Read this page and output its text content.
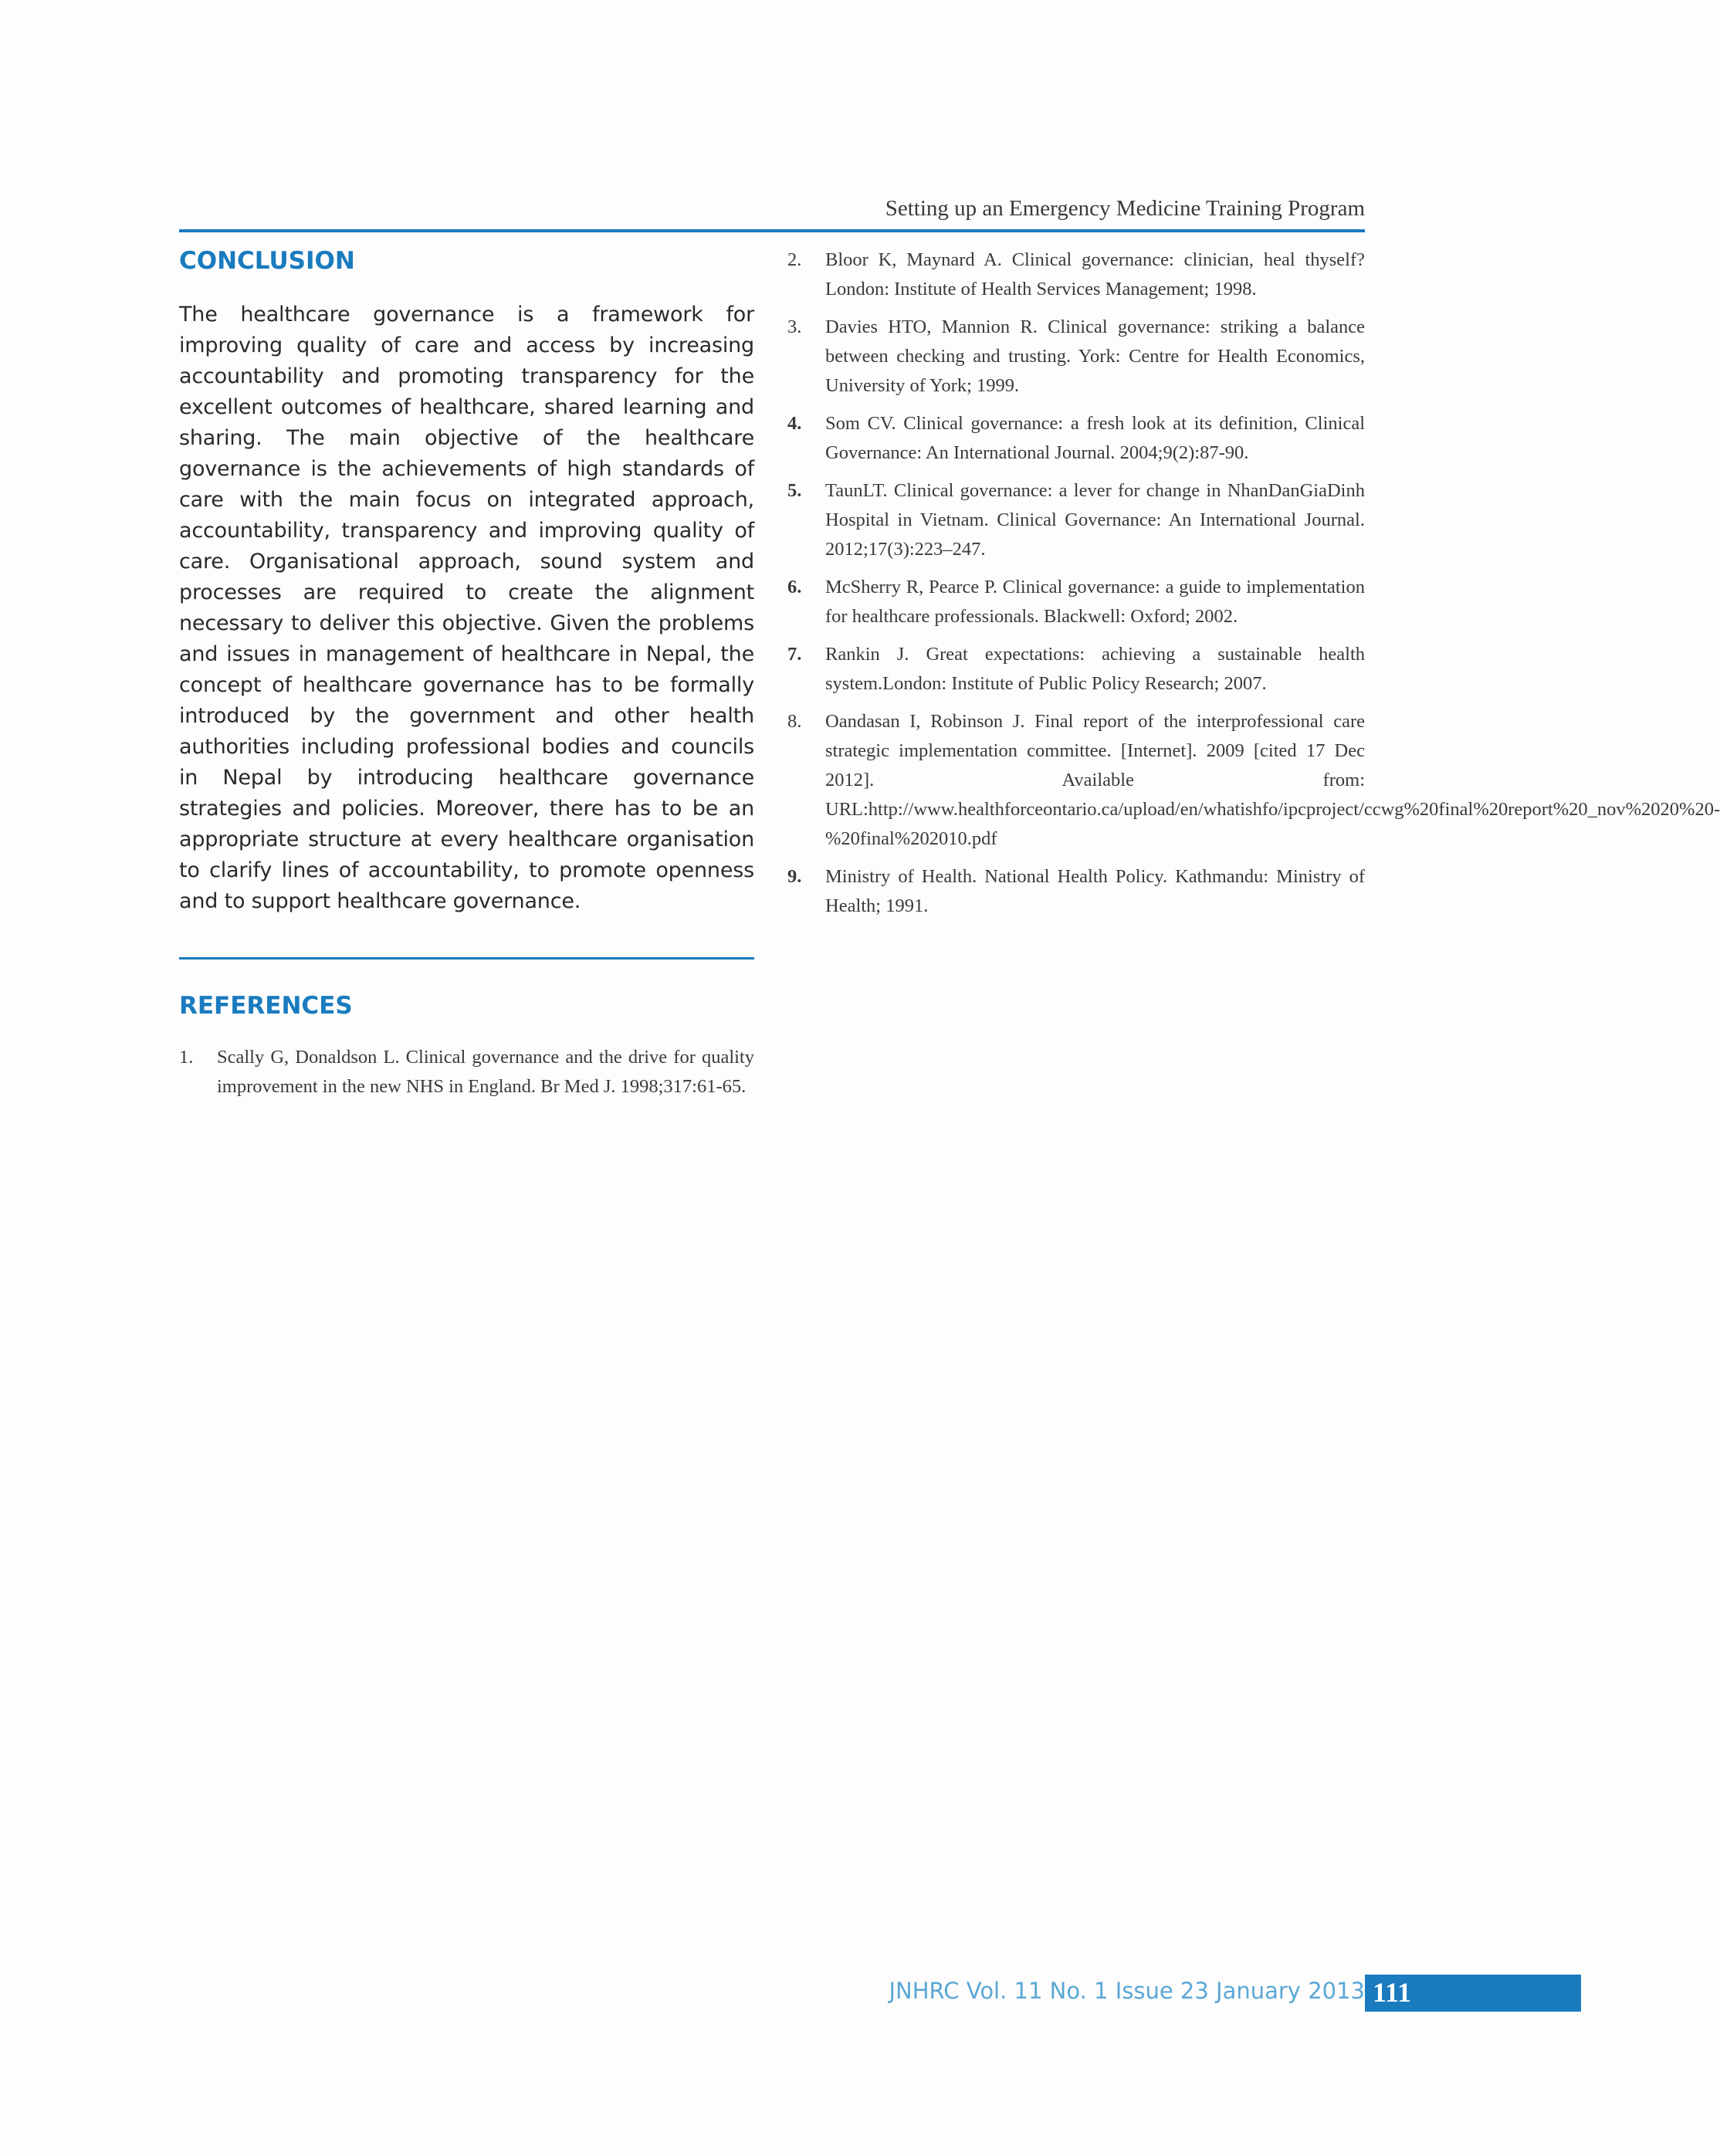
Setting up an Emergency Medicine Training Program
CONCLUSION

The healthcare governance is a framework for improving quality of care and access by increasing accountability and promoting transparency for the excellent outcomes of healthcare, shared learning and sharing. The main objective of the healthcare governance is the achievements of high standards of care with the main focus on integrated approach, accountability, transparency and improving quality of care. Organisational approach, sound system and processes are required to create the alignment necessary to deliver this objective. Given the problems and issues in management of healthcare in Nepal, the concept of healthcare governance has to be formally introduced by the government and other health authorities including professional bodies and councils in Nepal by introducing healthcare governance strategies and policies. Moreover, there has to be an appropriate structure at every healthcare organisation to clarify lines of accountability, to promote openness and to support healthcare governance.

REFERENCES
1. Scally G, Donaldson L. Clinical governance and the drive for quality improvement in the new NHS in England. Br Med J. 1998;317:61-65.
2. Bloor K, Maynard A. Clinical governance: clinician, heal thyself?London: Institute of Health Services Management; 1998.
3. Davies HTO, Mannion R. Clinical governance: striking a balance between checking and trusting. York: Centre for Health Economics, University of York; 1999.
4. Som CV. Clinical governance: a fresh look at its definition, Clinical Governance: An International Journal. 2004;9(2):87-90.
5. TaunLT. Clinical governance: a lever for change in NhanDanGiaDinh Hospital in Vietnam. Clinical Governance: An International Journal. 2012;17(3):223–247.
6. McSherry R, Pearce P. Clinical governance: a guide to implementation for healthcare professionals. Blackwell: Oxford; 2002.
7. Rankin J. Great expectations: achieving a sustainable health system.London: Institute of Public Policy Research; 2007.
8. Oandasan I, Robinson J. Final report of the interprofessional care strategic implementation committee. [Internet]. 2009 [cited 17 Dec 2012]. Available from: URL:http://www.healthforceontario.ca/upload/en/whatishfo/ipcproject/ccwg%20final%20report%20_nov%2020%20-%20final%202010.pdf
9. Ministry of Health. National Health Policy. Kathmandu: Ministry of Health; 1991.
JNHRC Vol. 11 No. 1 Issue 23 January 2013 111
